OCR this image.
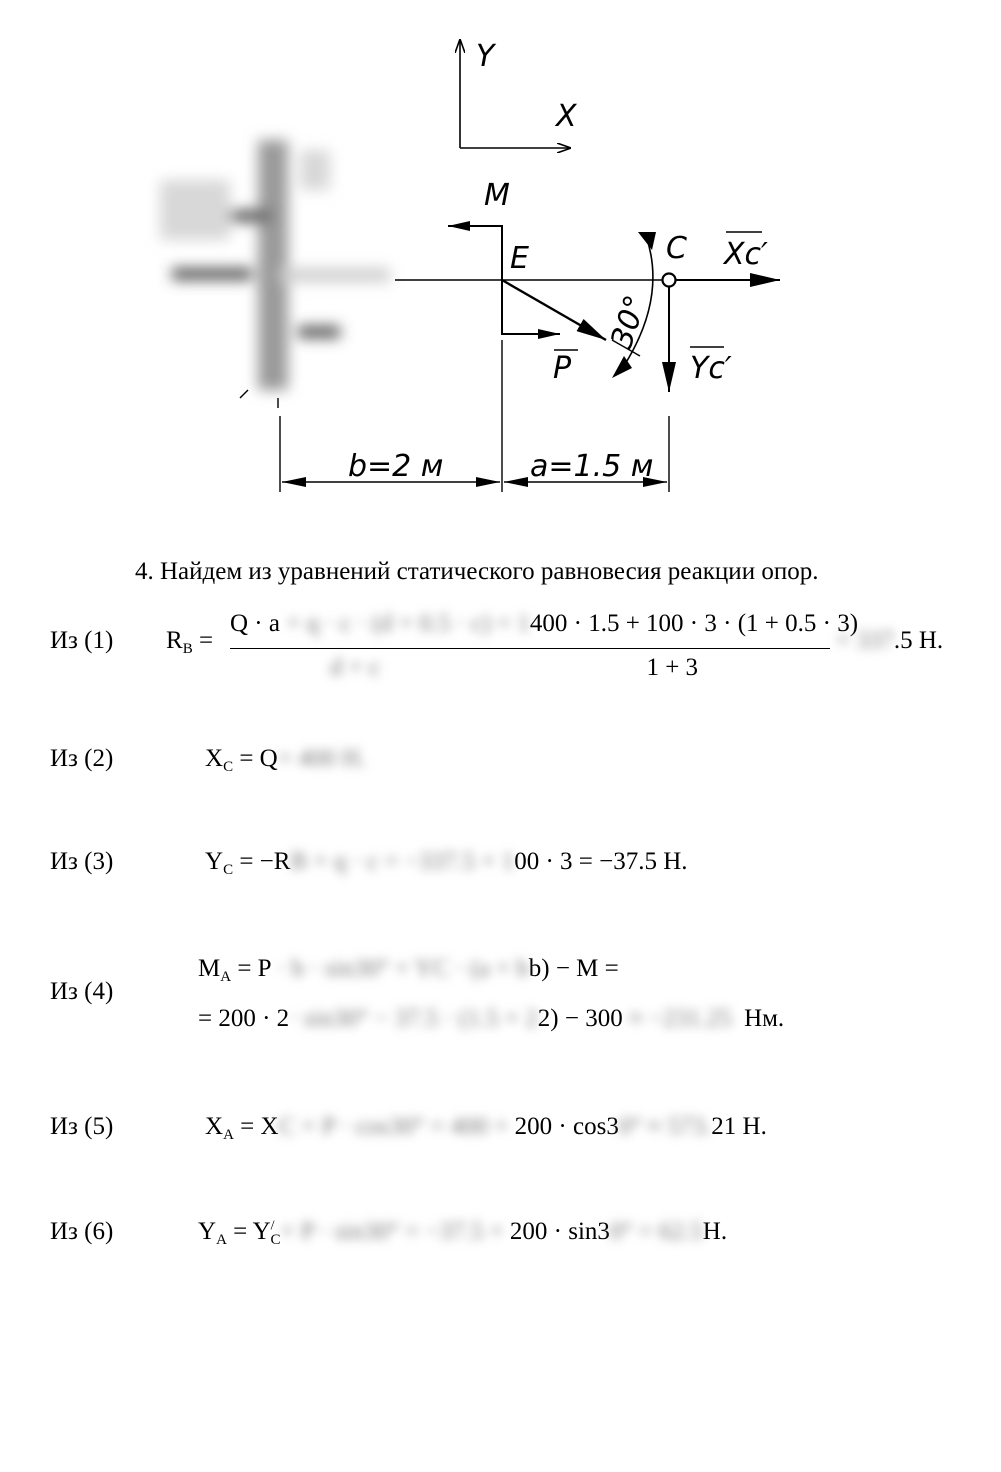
Y
X
M
E
P
30°
C Xc′
Yc′
b=2 м	a=1.5 м
4. Найдем из уравнений статического равновесия реакции опор.
Из (1) $R_B$ =
Q · a + q · c · (d + 0.5 · c) = 1400 · 1.5 + 100 · 3 · (1 + 0.5 · 3)
d + c	1 + 3
= 337.5 Н.
Из (2)	$X_C = Q= 400$ Н.
Из (3)	$Y_C = -RB + q \cdot c = -337.5 + 100 \cdot 3 = -37.5$ Н.
Из (4)
$M_A = P \cdot b \cdot \sin 30^\circ$ + YC · (a + bb) − M =
= 200 · 2· sin30° − 37.5 · (1.5 + 22) − 300 ≈ −231.25 Нм.
Из (5)	$X_A$ = XC + P · cos30° = 400 + 200 · cos30° ≈ 573.21 Н.
Из (6)	$Y_A = Y^/_C+ P \cdot \sin 30^\circ = -37.5 + 200 \cdot \sin 30^\circ = 62.5Н$.
